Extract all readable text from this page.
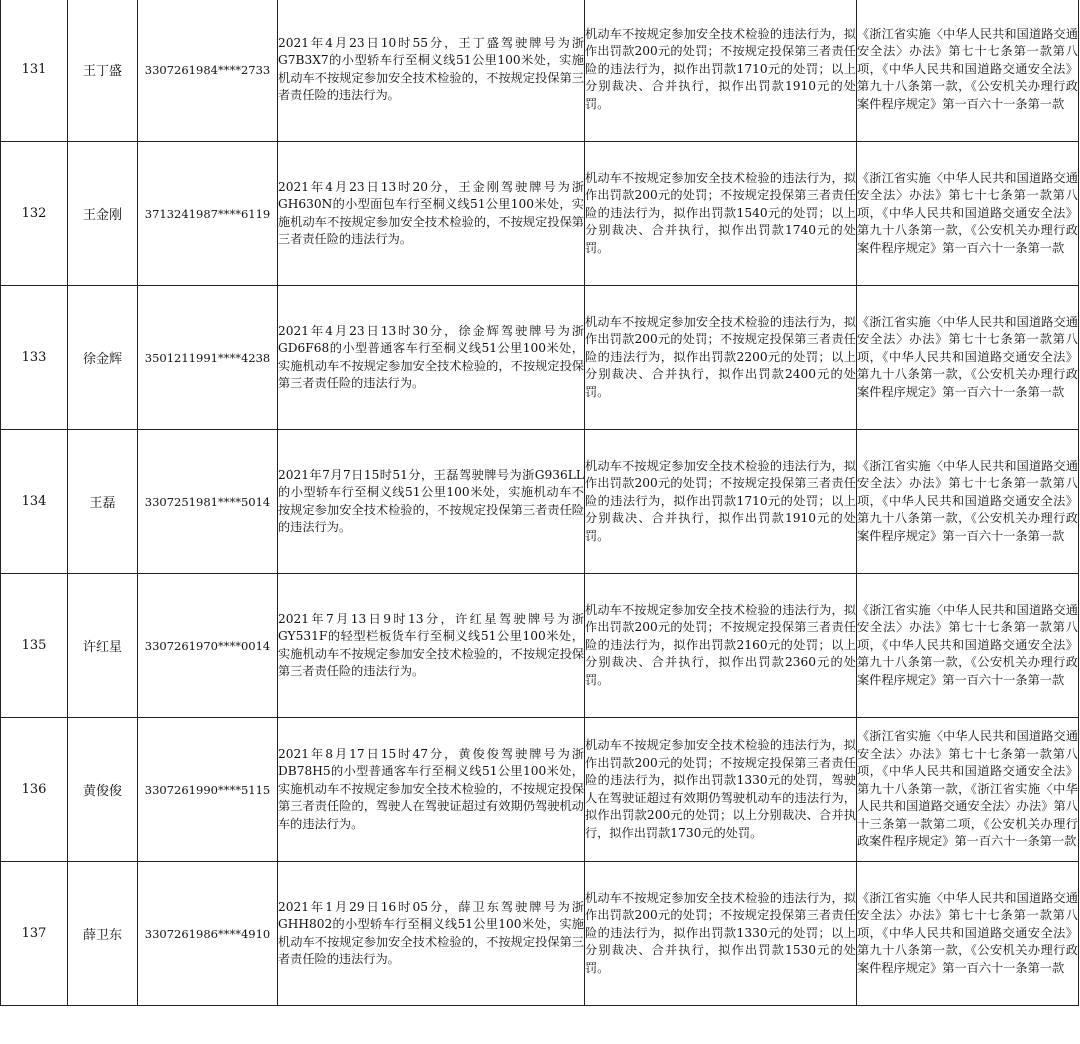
131	王丁盛	3307261984****2733	2021年4月23日10时55分，王丁盛驾驶牌号为浙G7B3X7的小型轿车行至桐义线51公里100米处，实施机动车不按规定参加安全技术检验的，不按规定投保第三者责任险的违法行为。	机动车不按规定参加安全技术检验的违法行为，拟作出罚款200元的处罚；不按规定投保第三者责任险的违法行为，拟作出罚款1710元的处罚；以上分别裁决、合并执行，拟作出罚款1910元的处罚。	《浙江省实施〈中华人民共和国道路交通安全法〉办法》第七十七条第一款第八项，《中华人民共和国道路交通安全法》第九十八条第一款，《公安机关办理行政案件程序规定》第一百六十一条第一款
132	王金刚	3713241987****6119	2021年4月23日13时20分，王金刚驾驶牌号为浙GH630N的小型面包车行至桐义线51公里100米处，实施机动车不按规定参加安全技术检验的，不按规定投保第三者责任险的违法行为。	机动车不按规定参加安全技术检验的违法行为，拟作出罚款200元的处罚；不按规定投保第三者责任险的违法行为，拟作出罚款1540元的处罚；以上分别裁决、合并执行，拟作出罚款1740元的处罚。	《浙江省实施〈中华人民共和国道路交通安全法〉办法》第七十七条第一款第八项，《中华人民共和国道路交通安全法》第九十八条第一款，《公安机关办理行政案件程序规定》第一百六十一条第一款
133	徐金辉	3501211991****4238	2021年4月23日13时30分，徐金辉驾驶牌号为浙GD6F68的小型普通客车行至桐义线51公里100米处，实施机动车不按规定参加安全技术检验的，不按规定投保第三者责任险的违法行为。	机动车不按规定参加安全技术检验的违法行为，拟作出罚款200元的处罚；不按规定投保第三者责任险的违法行为，拟作出罚款2200元的处罚；以上分别裁决、合并执行，拟作出罚款2400元的处罚。	《浙江省实施〈中华人民共和国道路交通安全法〉办法》第七十七条第一款第八项，《中华人民共和国道路交通安全法》第九十八条第一款，《公安机关办理行政案件程序规定》第一百六十一条第一款
134	王磊	3307251981****5014	2021年7月7日15时51分，王磊驾驶牌号为浙G936LL的小型轿车行至桐义线51公里100米处，实施机动车不按规定参加安全技术检验的，不按规定投保第三者责任险的违法行为。	机动车不按规定参加安全技术检验的违法行为，拟作出罚款200元的处罚；不按规定投保第三者责任险的违法行为，拟作出罚款1710元的处罚；以上分别裁决、合并执行，拟作出罚款1910元的处罚。	《浙江省实施〈中华人民共和国道路交通安全法〉办法》第七十七条第一款第八项，《中华人民共和国道路交通安全法》第九十八条第一款，《公安机关办理行政案件程序规定》第一百六十一条第一款
135	许红星	3307261970****0014	2021年7月13日9时13分，许红星驾驶牌号为浙GY531F的轻型栏板货车行至桐义线51公里100米处，实施机动车不按规定参加安全技术检验的，不按规定投保第三者责任险的违法行为。	机动车不按规定参加安全技术检验的违法行为，拟作出罚款200元的处罚；不按规定投保第三者责任险的违法行为，拟作出罚款2160元的处罚；以上分别裁决、合并执行，拟作出罚款2360元的处罚。	《浙江省实施〈中华人民共和国道路交通安全法〉办法》第七十七条第一款第八项，《中华人民共和国道路交通安全法》第九十八条第一款，《公安机关办理行政案件程序规定》第一百六十一条第一款
136	黄俊俊	3307261990****5115	2021年8月17日15时47分，黄俊俊驾驶牌号为浙DB78H5的小型普通客车行至桐义线51公里100米处，实施机动车不按规定参加安全技术检验的，不按规定投保第三者责任险的，驾驶人在驾驶证超过有效期仍驾驶机动车的违法行为。	机动车不按规定参加安全技术检验的违法行为，拟作出罚款200元的处罚；不按规定投保第三者责任险的违法行为，拟作出罚款1330元的处罚，驾驶人在驾驶证超过有效期仍驾驶机动车的违法行为，拟作出罚款200元的处罚；以上分别裁决、合并执行，拟作出罚款1730元的处罚。	《浙江省实施〈中华人民共和国道路交通安全法〉办法》第七十七条第一款第八项，《中华人民共和国道路交通安全法》第九十八条第一款，《浙江省实施〈中华人民共和国道路交通安全法〉办法》第八十三条第一款第二项，《公安机关办理行政案件程序规定》第一百六十一条第一款
137	薛卫东	3307261986****4910	2021年1月29日16时05分，薛卫东驾驶牌号为浙GHH802的小型轿车行至桐义线51公里100米处，实施机动车不按规定参加安全技术检验的，不按规定投保第三者责任险的违法行为。	机动车不按规定参加安全技术检验的违法行为，拟作出罚款200元的处罚；不按规定投保第三者责任险的违法行为，拟作出罚款1330元的处罚；以上分别裁决、合并执行，拟作出罚款1530元的处罚。	《浙江省实施〈中华人民共和国道路交通安全法〉办法》第七十七条第一款第八项，《中华人民共和国道路交通安全法》第九十八条第一款，《公安机关办理行政案件程序规定》第一百六十一条第一款
